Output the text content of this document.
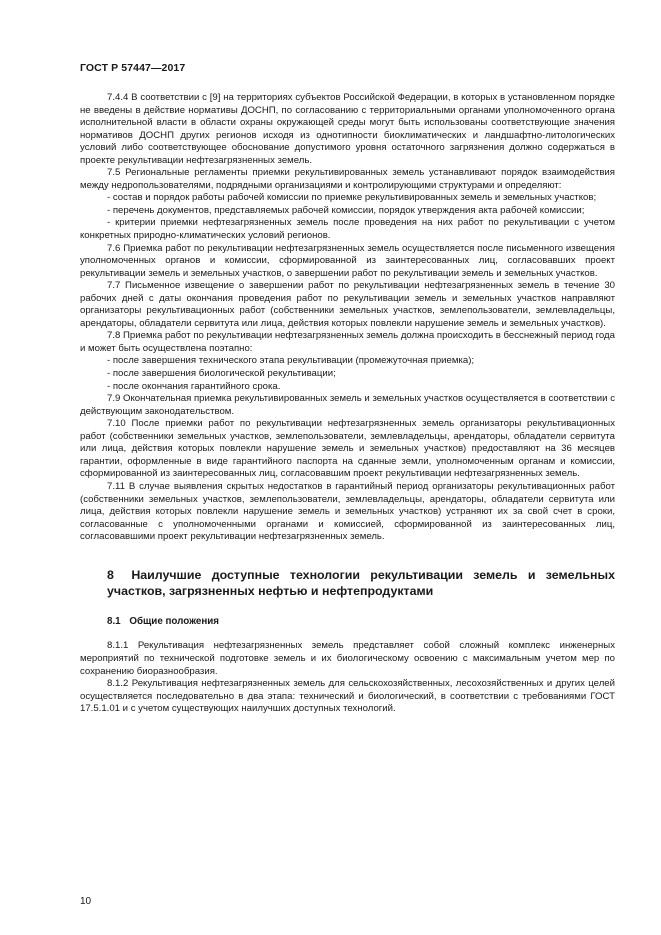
ГОСТ Р 57447—2017

7.4.4 В соответствии с [9] на территориях субъектов Российской Федерации, в которых в установленном порядке не введены в действие нормативы ДОСНП, по согласованию с территориальными органами уполномоченного органа исполнительной власти в области охраны окружающей среды могут быть использованы соответствующие значения нормативов ДОСНП других регионов исходя из однотипности биоклиматических и ландшафтно-литологических условий либо соответствующее обоснование допустимого уровня остаточного загрязнения должно содержаться в проекте рекультивации нефтезагрязненных земель.

7.5 Региональные регламенты приемки рекультивированных земель устанавливают порядок взаимодействия между недропользователями, подрядными организациями и контролирующими структурами и определяют:

- состав и порядок работы рабочей комиссии по приемке рекультивированных земель и земельных участков;

- перечень документов, представляемых рабочей комиссии, порядок утверждения акта рабочей комиссии;

- критерии приемки нефтезагрязненных земель после проведения на них работ по рекультивации с учетом конкретных природно-климатических условий регионов.

7.6 Приемка работ по рекультивации нефтезагрязненных земель осуществляется после письменного извещения уполномоченных органов и комиссии, сформированной из заинтересованных лиц, согласовавших проект рекультивации земель и земельных участков, о завершении работ по рекультивации земель и земельных участков.

7.7 Письменное извещение о завершении работ по рекультивации нефтезагрязненных земель в течение 30 рабочих дней с даты окончания проведения работ по рекультивации земель и земельных участков направляют организаторы рекультивационных работ (собственники земельных участков, землепользователи, землевладельцы, арендаторы, обладатели сервитута или лица, действия которых повлекли нарушение земель и земельных участков).

7.8 Приемка работ по рекультивации нефтезагрязненных земель должна происходить в бесснежный период года и может быть осуществлена поэтапно:

- после завершения технического этапа рекультивации (промежуточная приемка);

- после завершения биологической рекультивации;

- после окончания гарантийного срока.

7.9 Окончательная приемка рекультивированных земель и земельных участков осуществляется в соответствии с действующим законодательством.

7.10 После приемки работ по рекультивации нефтезагрязненных земель организаторы рекультивационных работ (собственники земельных участков, землепользователи, землевладельцы, арендаторы, обладатели сервитута или лица, действия которых повлекли нарушение земель и земельных участков) предоставляют на 36 месяцев гарантии, оформленные в виде гарантийного паспорта на сданные земли, уполномоченным органам и комиссии, сформированной из заинтересованных лиц, согласовавшим проект рекультивации нефтезагрязненных земель.

7.11 В случае выявления скрытых недостатков в гарантийный период организаторы рекультивационных работ (собственники земельных участков, землепользователи, землевладельцы, арендаторы, обладатели сервитута или лица, действия которых повлекли нарушение земель и земельных участков) устраняют их за свой счет в сроки, согласованные с уполномоченными органами и комиссией, сформированной из заинтересованных лиц, согласовавшими проект рекультивации нефтезагрязненных земель.

8 Наилучшие доступные технологии рекультивации земель и земельных участков, загрязненных нефтью и нефтепродуктами
8.1 Общие положения

8.1.1 Рекультивация нефтезагрязненных земель представляет собой сложный комплекс инженерных мероприятий по технической подготовке земель и их биологическому освоению с максимальным учетом мер по сохранению биоразнообразия.

8.1.2 Рекультивация нефтезагрязненных земель для сельскохозяйственных, лесохозяйственных и других целей осуществляется последовательно в два этапа: технический и биологический, в соответствии с требованиями ГОСТ 17.5.1.01 и с учетом существующих наилучших доступных технологий.

10
